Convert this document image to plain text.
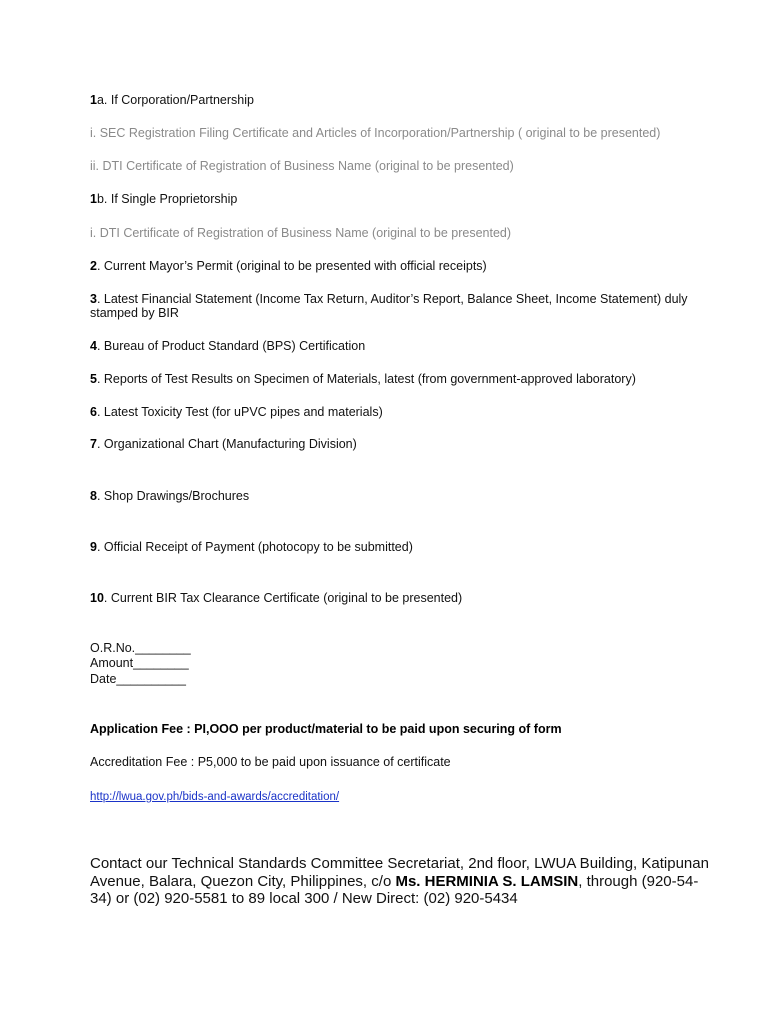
1a. If Corporation/Partnership
i. SEC Registration Filing Certificate and Articles of Incorporation/Partnership ( original to be presented)
ii. DTI Certificate of Registration of Business Name (original to be presented)
1b. If Single Proprietorship
i. DTI Certificate of Registration of Business Name (original to be presented)
2. Current Mayor’s Permit (original to be presented with official receipts)
3. Latest Financial Statement (Income Tax Return, Auditor’s Report, Balance Sheet, Income Statement) duly stamped by BIR
4. Bureau of Product Standard (BPS) Certification
5. Reports of Test Results on Specimen of Materials, latest (from government-approved laboratory)
6. Latest Toxicity Test (for uPVC pipes and materials)
7. Organizational Chart (Manufacturing Division)
8. Shop Drawings/Brochures
9. Official Receipt of Payment (photocopy to be submitted)
10. Current BIR Tax Clearance Certificate (original to be presented)
O.R.No.________
Amount________
Date__________
Application Fee : PI,OOO per product/material to be paid upon securing of form
Accreditation Fee : P5,000 to be paid upon issuance of certificate
http://lwua.gov.ph/bids-and-awards/accreditation/
Contact our Technical Standards Committee Secretariat, 2nd floor, LWUA Building, Katipunan Avenue, Balara, Quezon City, Philippines, c/o Ms. HERMINIA S. LAMSIN, through (920-54-34) or (02) 920-5581 to 89 local 300 / New Direct: (02) 920-5434
